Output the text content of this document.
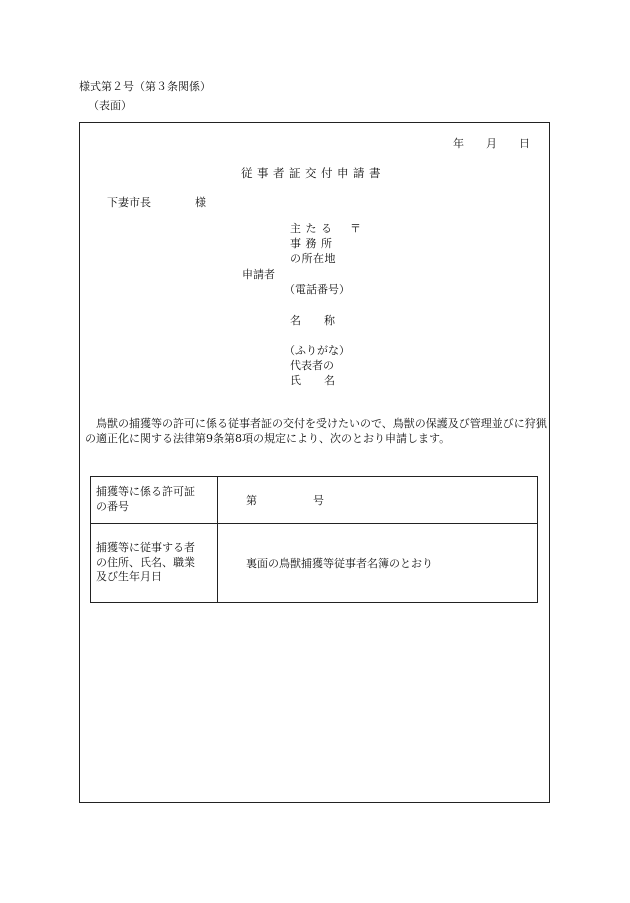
様式第２号（第３条関係）
（表面）
年 月 日
従事者証交付申請書
下妻市長	様
主たる 〒
事務所
の所在地
申請者
（電話番号）
名 称
（ふりがな）
代表者の
氏 名
鳥獣の捕獲等の許可に係る従事者証の交付を受けたいので、鳥獣の保護及び管理並びに狩猟の適正化に関する法律第9条第8項の規定により、次のとおり申請します。
捕獲等に係る許可証
の番号	第 号

捕獲等に従事する者
の住所、氏名、職業
及び生年月日	裏面の鳥獣捕獲等従事者名簿のとおり
